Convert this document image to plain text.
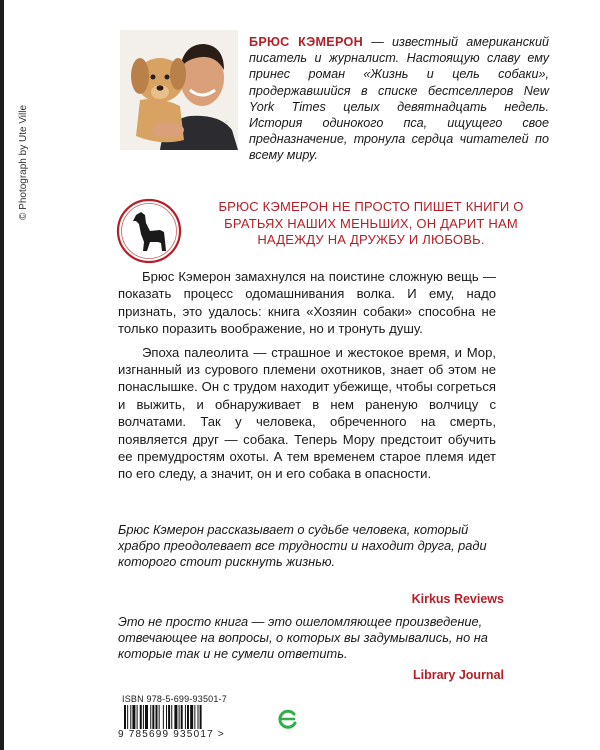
© Photograph by Ute Ville

БРЮС КЭМЕРОН — известный американский писатель и журналист. Настоящую славу ему принес роман «Жизнь и цель собаки», продержавшийся в списке бестселлеров New York Times целых девятнадцать недель. История одинокого пса, ищущего свое предназначение, тронула сердца читателей по всему миру.

БРЮС КЭМЕРОН НЕ ПРОСТО ПИШЕТ КНИГИ О БРАТЬЯХ НАШИХ МЕНЬШИХ, ОН ДАРИТ НАМ НАДЕЖДУ НА ДРУЖБУ И ЛЮБОВЬ.

Брюс Кэмерон замахнулся на поистине сложную вещь — показать процесс одомашнивания волка. И ему, надо признать, это удалось: книга «Хозяин собаки» способна не только поразить воображение, но и тронуть душу.

Эпоха палеолита — страшное и жестокое время, и Мор, изгнанный из сурового племени охотников, знает об этом не понаслышке. Он с трудом находит убежище, чтобы согреться и выжить, и обнаруживает в нем раненую волчицу с волчатами. Так у человека, обреченного на смерть, появляется друг — собака. Теперь Мору предстоит обучить ее премудростям охоты. А тем временем старое племя идет по его следу, а значит, он и его собака в опасности.

Брюс Кэмерон рассказывает о судьбе человека, который храбро преодолевает все трудности и находит друга, ради которого стоит рискнуть жизнью.

Kirkus Reviews

Это не просто книга — это ошеломляющее произведение, отвечающее на вопросы, о которых вы задумывались, но на которые так и не сумели ответить.

Library Journal
ISBN 978-5-699-93501-7
9 785699 935017 >
